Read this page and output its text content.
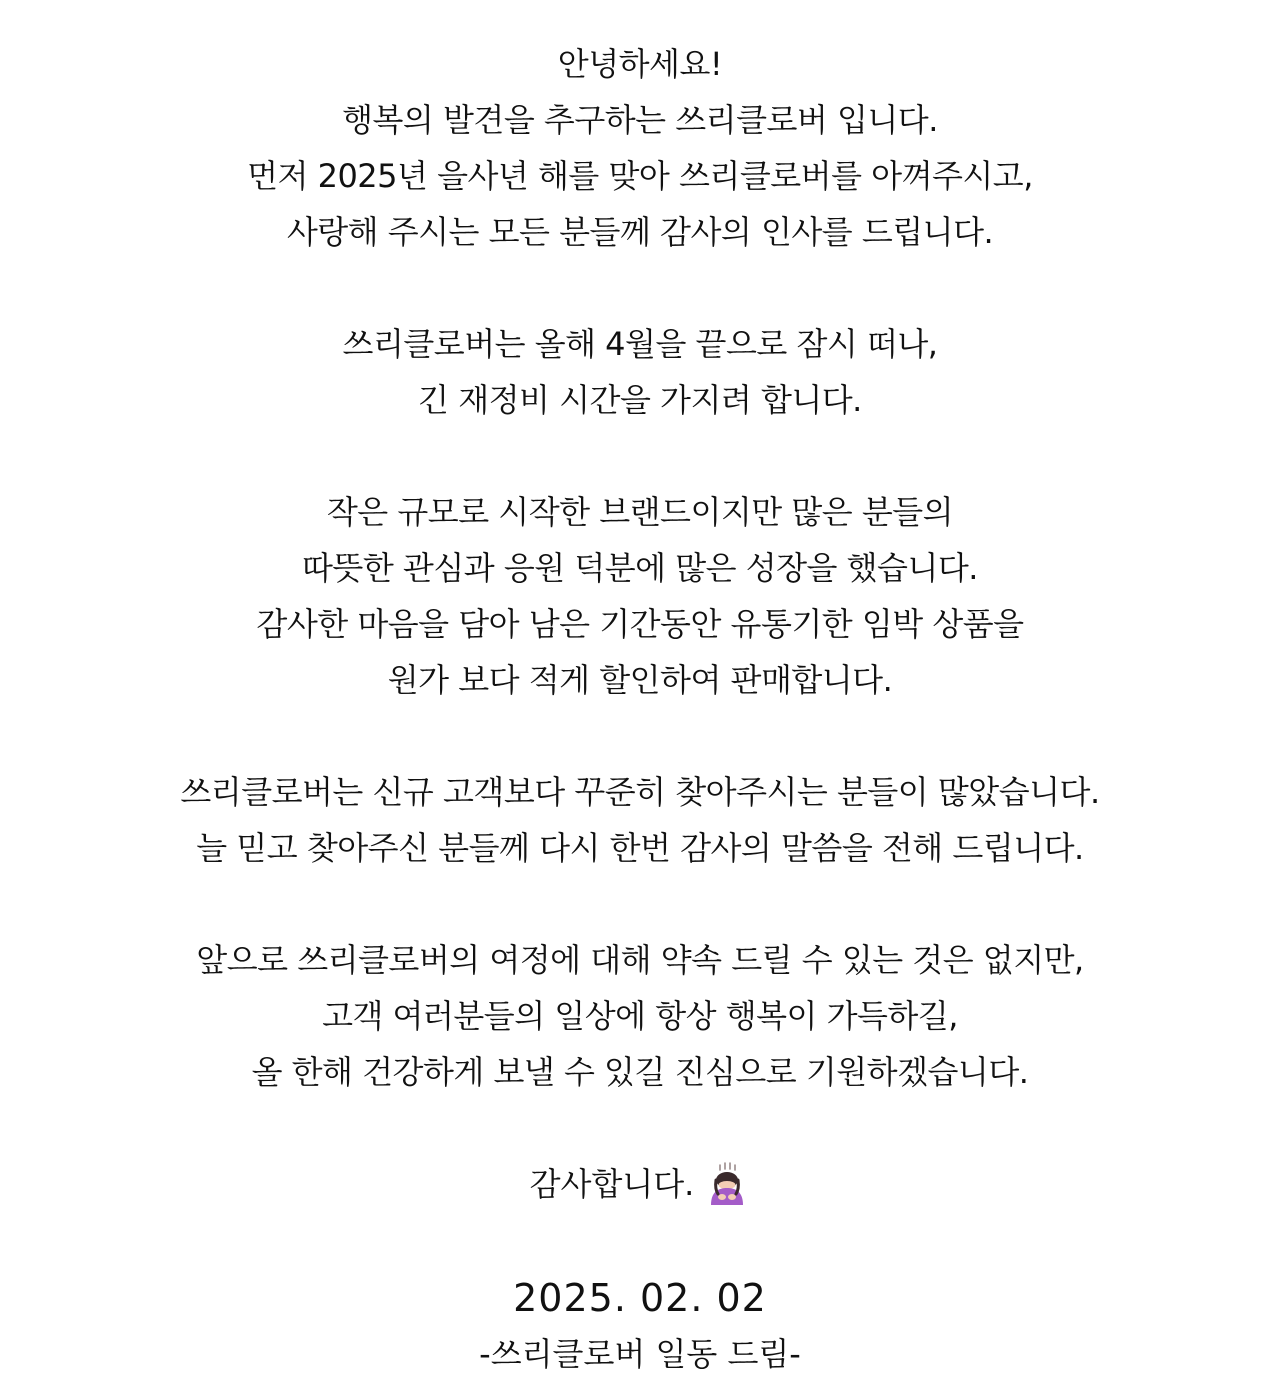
안녕하세요!
행복의 발견을 추구하는 쓰리클로버 입니다.
먼저 2025년 을사년 해를 맞아 쓰리클로버를 아껴주시고,
사랑해 주시는 모든 분들께 감사의 인사를 드립니다.
쓰리클로버는 올해 4월을 끝으로 잠시 떠나,
긴 재정비 시간을 가지려 합니다.
작은 규모로 시작한 브랜드이지만 많은 분들의
따뜻한 관심과 응원 덕분에 많은 성장을 했습니다.
감사한 마음을 담아 남은 기간동안 유통기한 임박 상품을
원가 보다 적게 할인하여 판매합니다.
쓰리클로버는 신규 고객보다 꾸준히 찾아주시는 분들이 많았습니다.
늘 믿고 찾아주신 분들께 다시 한번 감사의 말씀을 전해 드립니다.
앞으로 쓰리클로버의 여정에 대해 약속 드릴 수 있는 것은 없지만,
고객 여러분들의 일상에 항상 행복이 가득하길,
올 한해 건강하게 보낼 수 있길 진심으로 기원하겠습니다.
감사합니다.
2025. 02. 02
-쓰리클로버 일동 드림-
